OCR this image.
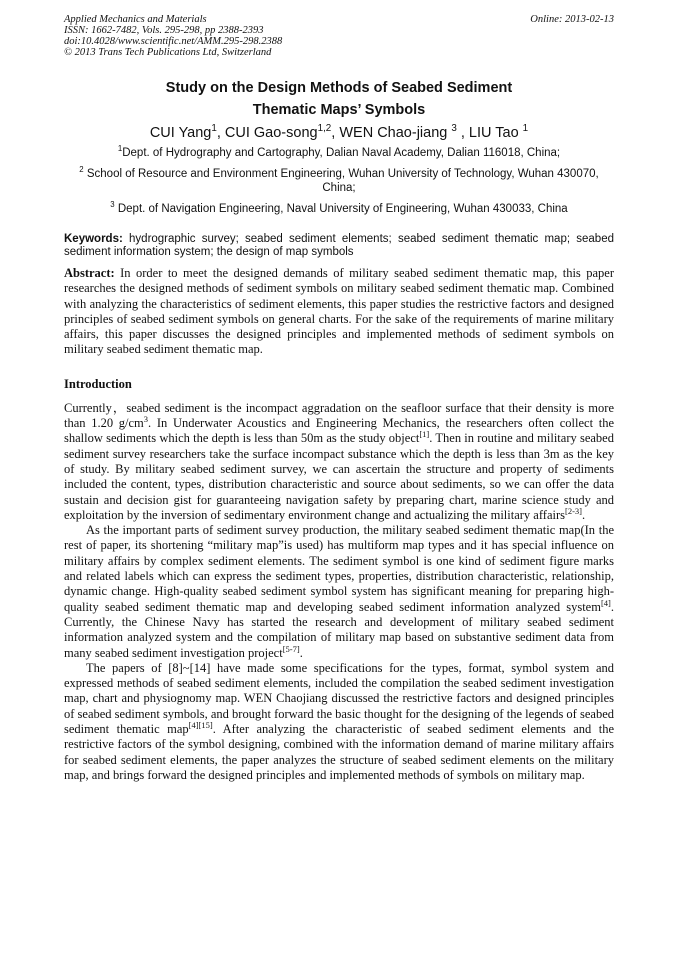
Applied Mechanics and Materials
ISSN: 1662-7482, Vols. 295-298, pp 2388-2393
doi:10.4028/www.scientific.net/AMM.295-298.2388
© 2013 Trans Tech Publications Ltd, Switzerland
Online: 2013-02-13
Study on the Design Methods of Seabed Sediment
Thematic Maps’ Symbols
CUI Yang$^1$, CUI Gao-song$^{1,2}$, WEN Chao-jiang $^3$ , LIU Tao $^1$
$^1$Dept. of Hydrography and Cartography, Dalian Naval Academy, Dalian 116018, China;
$^2$ School of Resource and Environment Engineering, Wuhan University of Technology, Wuhan 430070, China;
$^3$ Dept. of Navigation Engineering, Naval University of Engineering, Wuhan 430033, China
Keywords: hydrographic survey; seabed sediment elements; seabed sediment thematic map; seabed sediment information system; the design of map symbols
Abstract: In order to meet the designed demands of military seabed sediment thematic map, this paper researches the designed methods of sediment symbols on military seabed sediment thematic map. Combined with analyzing the characteristics of sediment elements, this paper studies the restrictive factors and designed principles of seabed sediment symbols on general charts. For the sake of the requirements of marine military affairs, this paper discusses the designed principles and implemented methods of sediment symbols on military seabed sediment thematic map.
Introduction
Currently，seabed sediment is the incompact aggradation on the seafloor surface that their density is more than 1.20 $g/cm^3$. In Underwater Acoustics and Engineering Mechanics, the researchers often collect the shallow sediments which the depth is less than 50m as the study object[1]. Then in routine and military seabed sediment survey researchers take the surface incompact substance which the depth is less than 3m as the key of study. By military seabed sediment survey, we can ascertain the structure and property of sediments included the content, types, distribution characteristic and source about sediments, so we can offer the data sustain and decision gist for guaranteeing navigation safety by preparing chart, marine science study and exploitation by the inversion of sedimentary environment change and actualizing the military affairs[2-3].
As the important parts of sediment survey production, the military seabed sediment thematic map(In the rest of paper, its shortening “military map”is used) has multiform map types and it has special influence on military affairs by complex sediment elements. The sediment symbol is one kind of sediment figure marks and related labels which can express the sediment types, properties, distribution characteristic, relationship, dynamic change. High-quality seabed sediment symbol system has significant meaning for preparing high-quality seabed sediment thematic map and developing seabed sediment information analyzed system[4]. Currently, the Chinese Navy has started the research and development of military seabed sediment information analyzed system and the compilation of military map based on substantive sediment data from many seabed sediment investigation project[5-7].
The papers of [8]~[14] have made some specifications for the types, format, symbol system and expressed methods of seabed sediment elements, included the compilation the seabed sediment investigation map, chart and physiognomy map. WEN Chaojiang discussed the restrictive factors and designed principles of seabed sediment symbols, and brought forward the basic thought for the designing of the legends of seabed sediment thematic map[4][15]. After analyzing the characteristic of seabed sediment elements and the restrictive factors of the symbol designing, combined with the information demand of marine military affairs for seabed sediment elements, the paper analyzes the structure of seabed sediment elements on the military map, and brings forward the designed principles and implemented methods of symbols on military map.
